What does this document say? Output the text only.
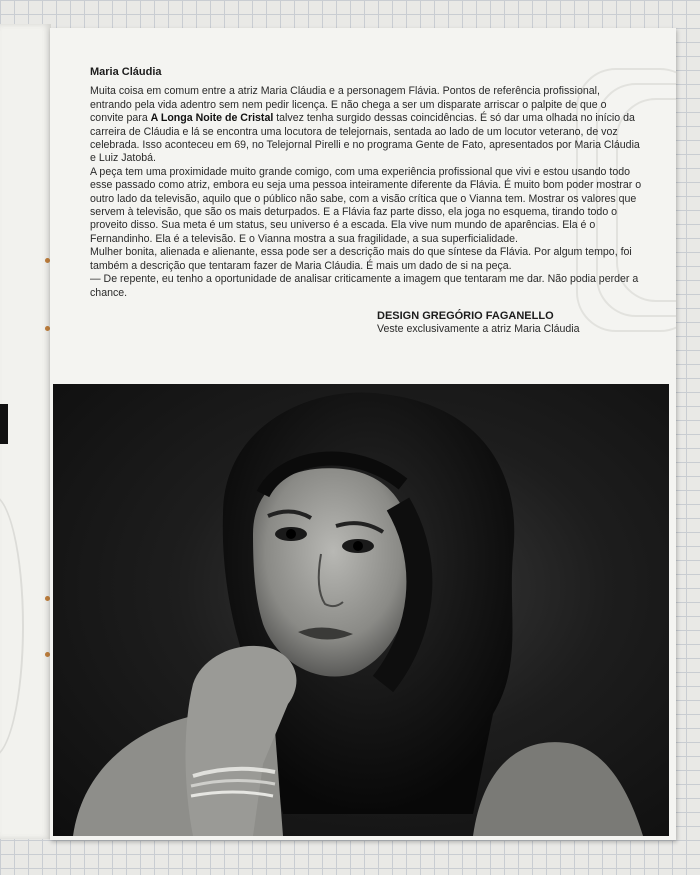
Maria Cláudia

Muita coisa em comum entre a atriz Maria Cláudia e a personagem Flávia. Pontos de referência profissional, entrando pela vida adentro sem nem pedir licença. E não chega a ser um disparate arriscar o palpite de que o convite para A Longa Noite de Cristal talvez tenha surgido dessas coincidências. É só dar uma olhada no início da carreira de Cláudia e lá se encontra uma locutora de telejornais, sentada ao lado de um locutor veterano, de voz celebrada. Isso aconteceu em 69, no Telejornal Pirelli e no programa Gente de Fato, apresentados por Maria Cláudia e Luiz Jatobá.

A peça tem uma proximidade muito grande comigo, com uma experiência profissional que vivi e estou usando todo esse passado como atriz, embora eu seja uma pessoa inteiramente diferente da Flávia. É muito bom poder mostrar o outro lado da televisão, aquilo que o público não sabe, com a visão crítica que o Vianna tem. Mostrar os valores que servem à televisão, que são os mais deturpados. E a Flávia faz parte disso, ela joga no esquema, tirando todo o proveito disso. Sua meta é um status, seu universo é a escada. Ela vive num mundo de aparências. Ela é o Fernandinho. Ela é a televisão. E o Vianna mostra a sua fragilidade, a sua superficialidade.

Mulher bonita, alienada e alienante, essa pode ser a descrição mais do que síntese da Flávia. Por algum tempo, foi também a descrição que tentaram fazer de Maria Cláudia. É mais um dado de si na peça.

— De repente, eu tenho a oportunidade de analisar criticamente a imagem que tentaram me dar. Não podia perder a chance.

DESIGN GREGÓRIO FAGANELLO
Veste exclusivamente a atriz Maria Cláudia
